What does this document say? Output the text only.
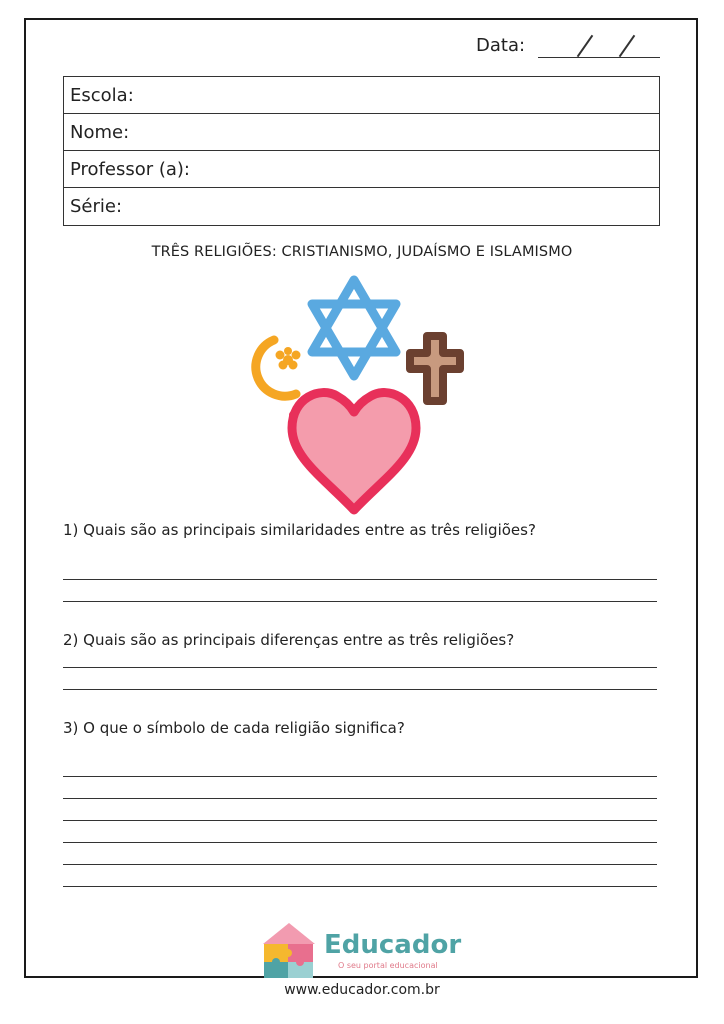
Data:
Escola:
Nome:
Professor (a):
Série:
TRÊS RELIGIÕES: CRISTIANISMO, JUDAÍSMO E ISLAMISMO
1) Quais são as principais similaridades entre as três religiões?
2) Quais são as principais diferenças entre as três religiões?
3) O que o símbolo de cada religião significa?
Educador
O seu portal educacional
www.educador.com.br
